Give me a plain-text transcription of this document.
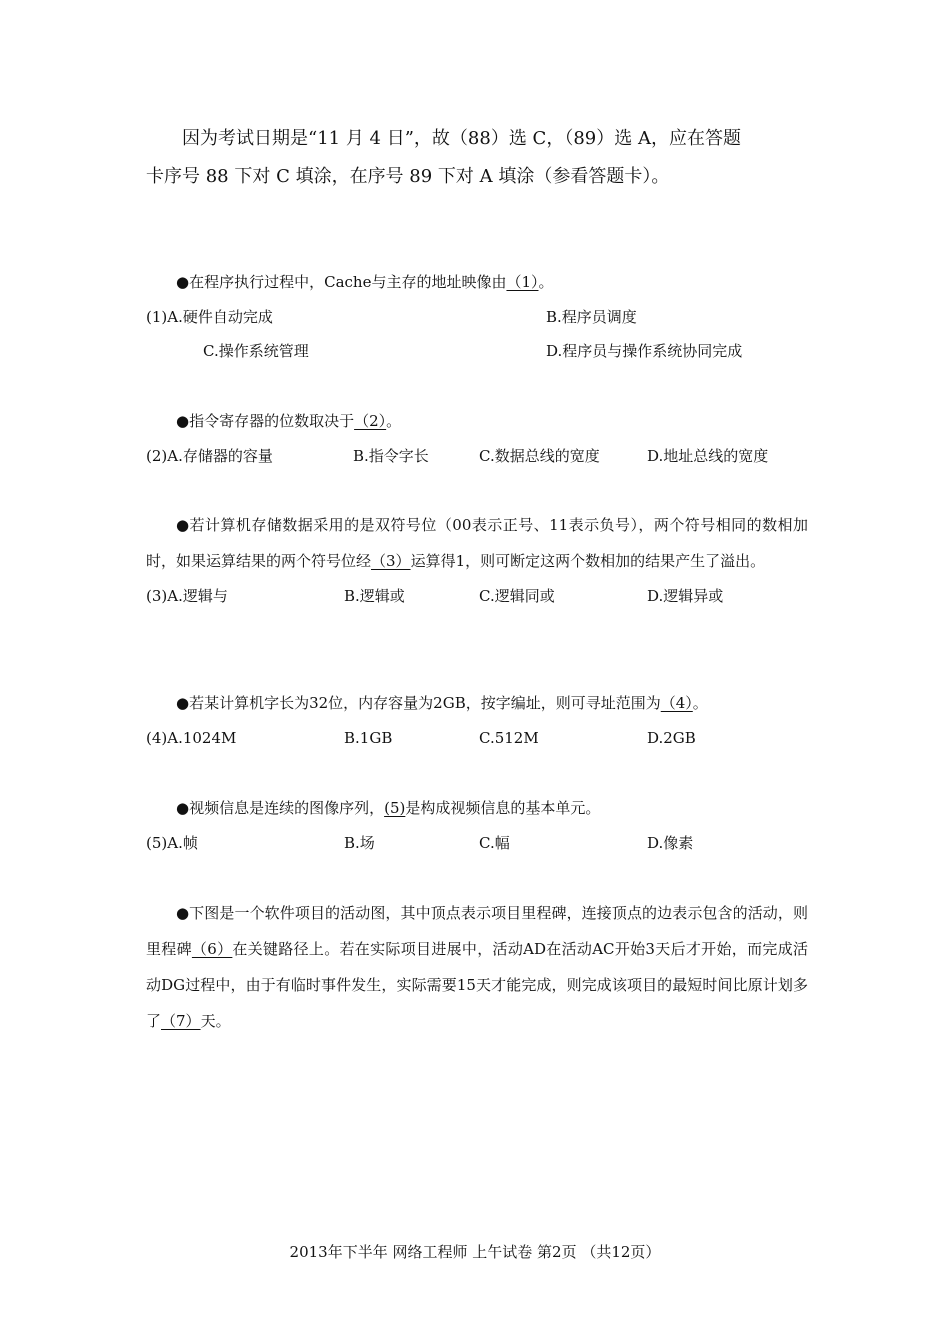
因为考试日期是“11 月 4 日”，故（88）选 C，（89）选 A，应在答题

卡序号 88 下对 C 填涂，在序号 89 下对 A 填涂（参看答题卡）。

●在程序执行过程中，Cache与主存的地址映像由（1）。

(1)A.硬件自动完成	B.程序员调度
C.操作系统管理	D.程序员与操作系统协同完成

●指令寄存器的位数取决于（2）。

(2)A.存储器的容量	B.指令字长	C.数据总线的宽度	D.地址总线的宽度

●若计算机存储数据采用的是双符号位（00表示正号、11表示负号），两个符号相同的数相加时，如果运算结果的两个符号位经（3）运算得1，则可断定这两个数相加的结果产生了溢出。

(3)A.逻辑与	B.逻辑或	C.逻辑同或	D.逻辑异或

●若某计算机字长为32位，内存容量为2GB，按字编址，则可寻址范围为（4）。

(4)A.1024M	B.1GB	C.512M	D.2GB

●视频信息是连续的图像序列，(5)是构成视频信息的基本单元。

(5)A.帧	B.场	C.幅	D.像素

●下图是一个软件项目的活动图，其中顶点表示项目里程碑，连接顶点的边表示包含的活动，则里程碑（6）在关键路径上。若在实际项目进展中，活动AD在活动AC开始3天后才开始，而完成活动DG过程中，由于有临时事件发生，实际需要15天才能完成，则完成该项目的最短时间比原计划多了（7）天。

2013年下半年 网络工程师 上午试卷 第2页 （共12页）
